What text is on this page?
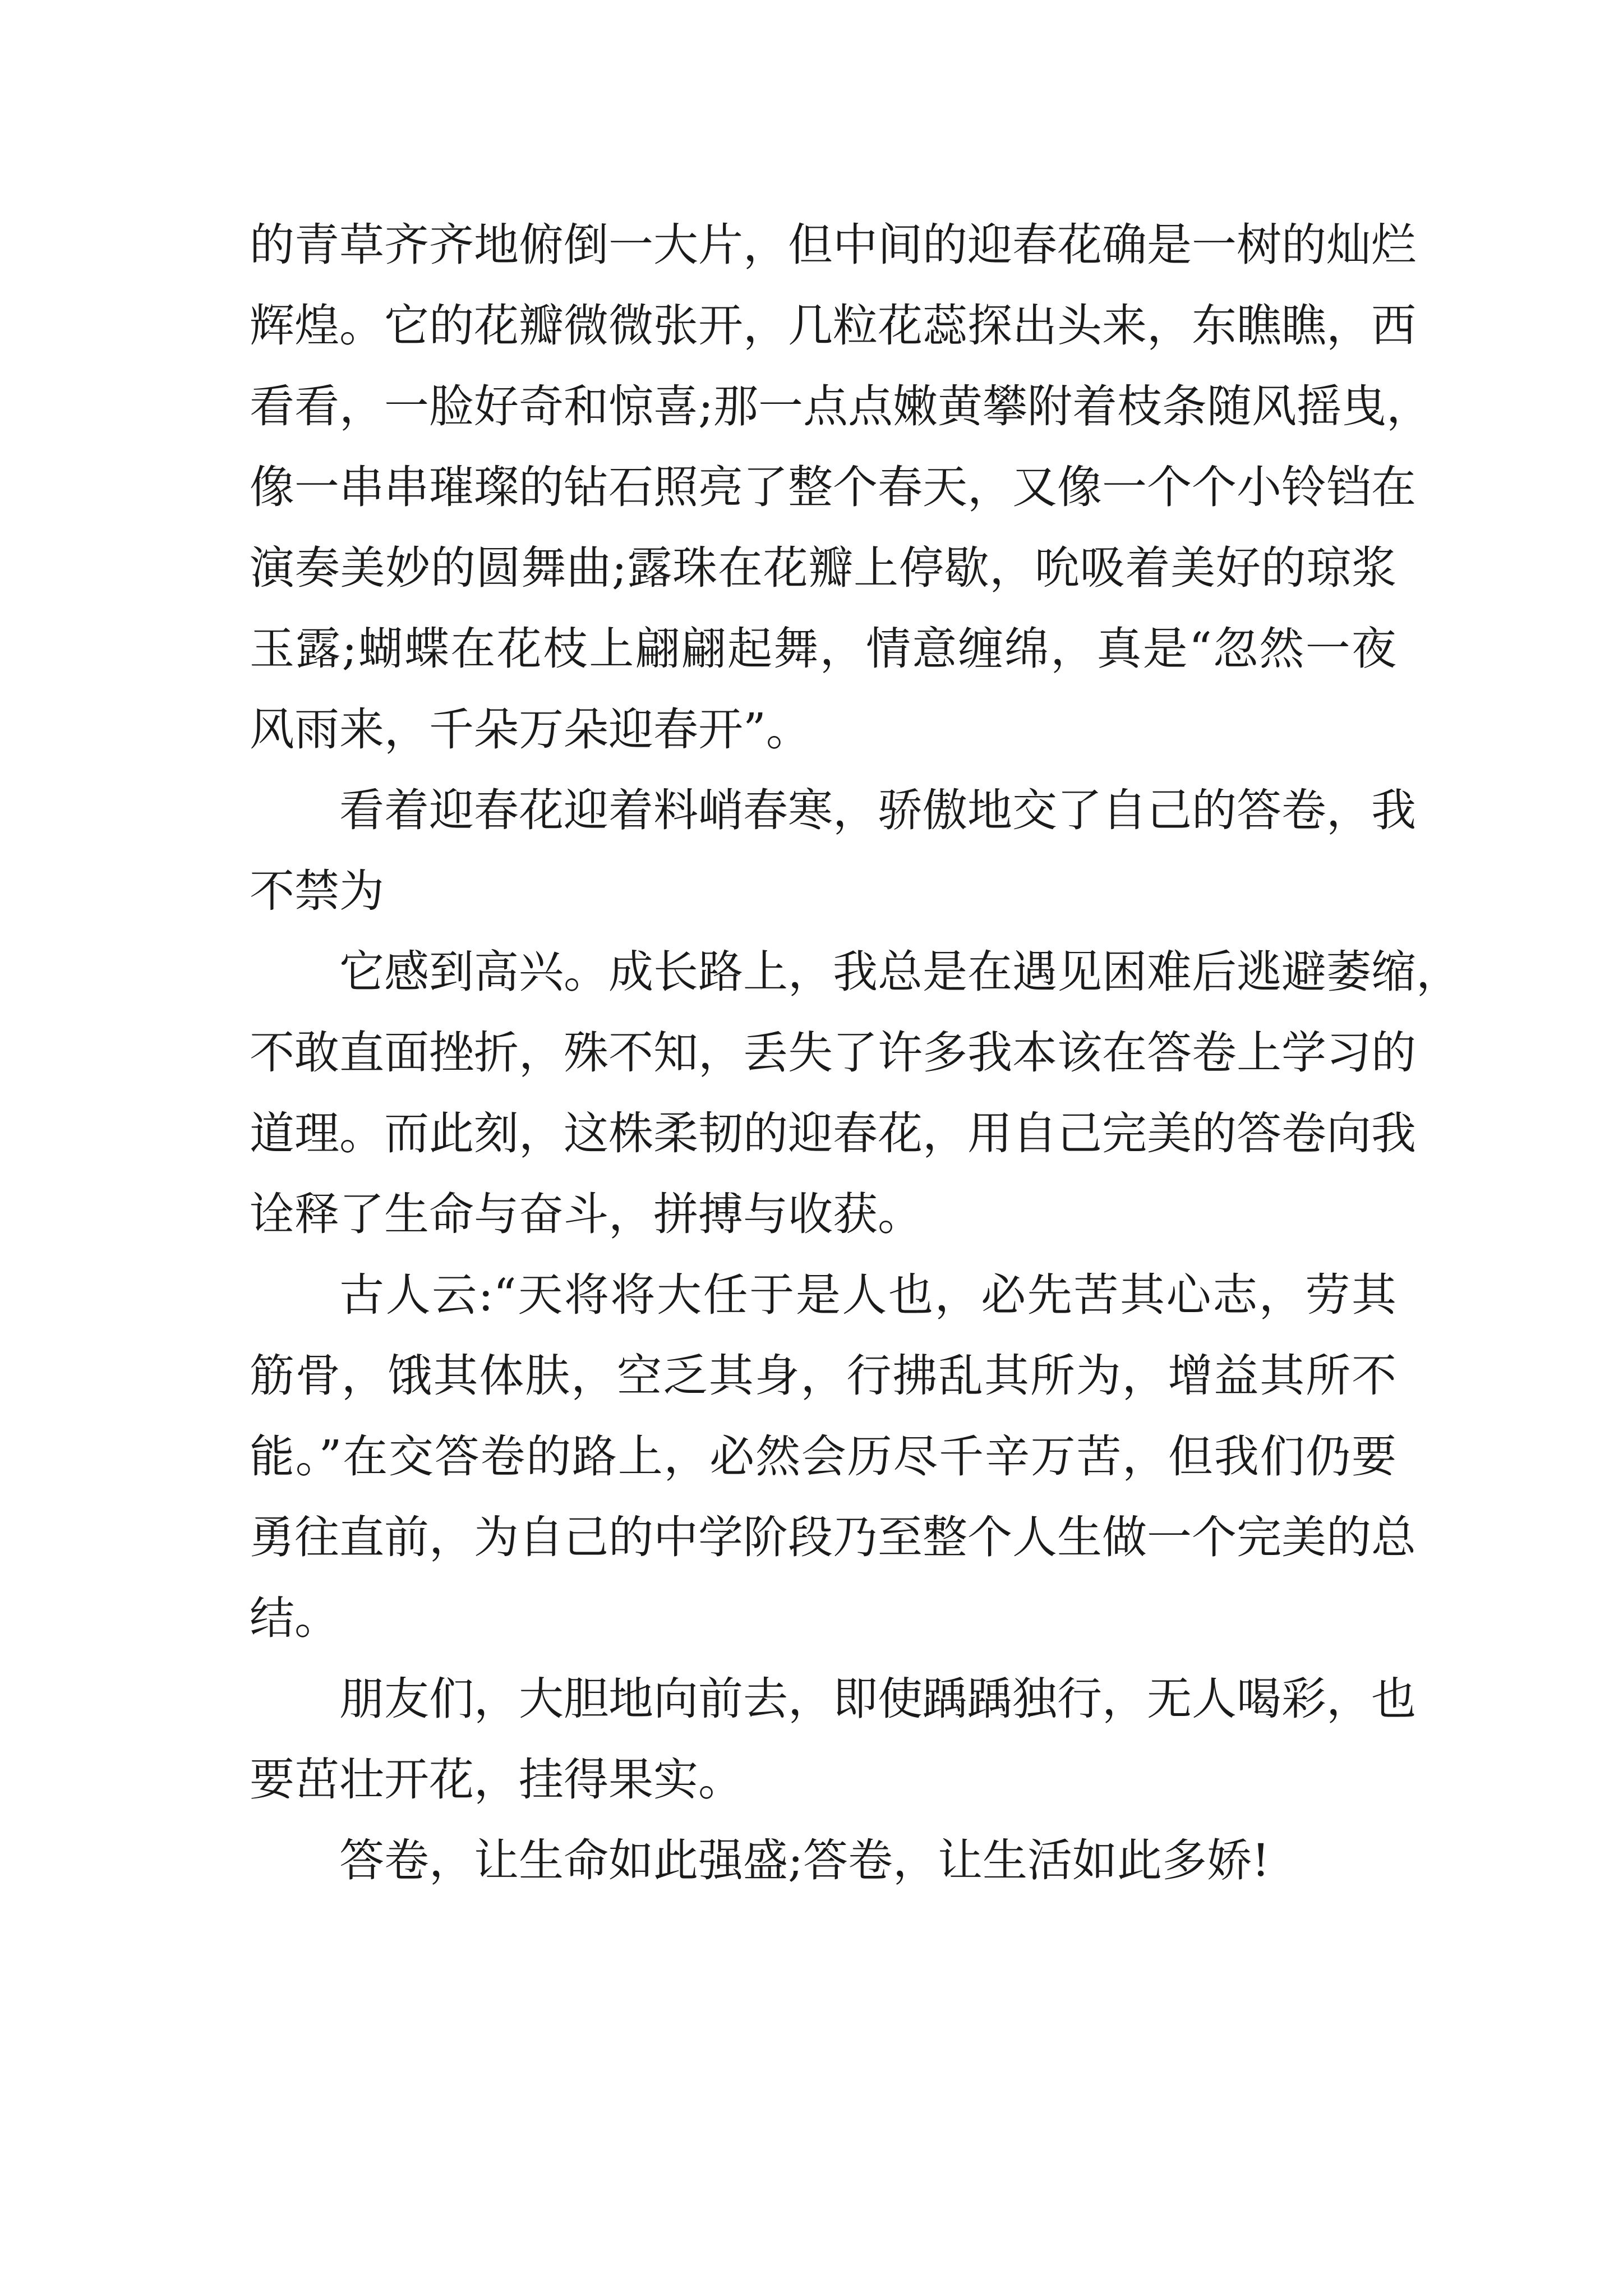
的青草齐齐地俯倒一大片，但中间的迎春花确是一树的灿烂
辉煌。它的花瓣微微张开，几粒花蕊探出头来，东瞧瞧，西
看看，一脸好奇和惊喜;那一点点嫩黄攀附着枝条随风摇曳，
像一串串璀璨的钻石照亮了整个春天，又像一个个小铃铛在
演奏美妙的圆舞曲;露珠在花瓣上停歇，吮吸着美好的琼浆
玉露;蝴蝶在花枝上翩翩起舞，情意缠绵，真是“忽然一夜
风雨来，千朵万朵迎春开”。
看着迎春花迎着料峭春寒，骄傲地交了自己的答卷，我
不禁为
它感到高兴。成长路上，我总是在遇见困难后逃避萎缩，
不敢直面挫折，殊不知，丢失了许多我本该在答卷上学习的
道理。而此刻，这株柔韧的迎春花，用自己完美的答卷向我
诠释了生命与奋斗，拼搏与收获。
古人云:“天将将大任于是人也，必先苦其心志，劳其
筋骨，饿其体肤，空乏其身，行拂乱其所为，增益其所不
能。”在交答卷的路上，必然会历尽千辛万苦，但我们仍要
勇往直前，为自己的中学阶段乃至整个人生做一个完美的总
结。
朋友们，大胆地向前去，即使踽踽独行，无人喝彩，也
要茁壮开花，挂得果实。
答卷，让生命如此强盛;答卷，让生活如此多娇!
